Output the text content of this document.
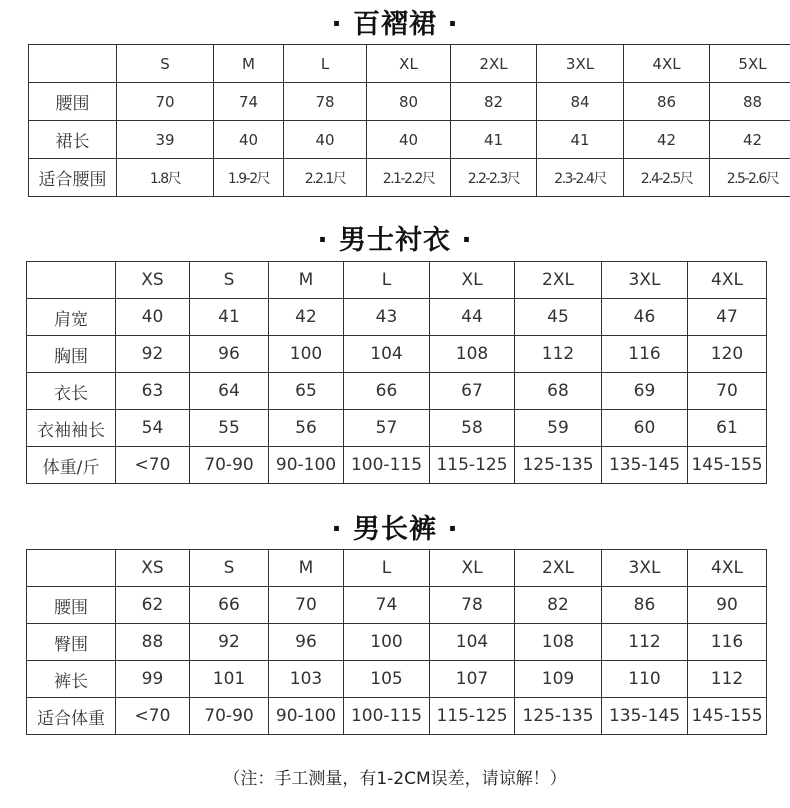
· 百褶裙 ·
	S	M	L	XL	2XL	3XL	4XL	5XL
腰围	70	74	78	80	82	84	86	88
裙长	39	40	40	40	41	41	42	42
适合腰围	1.8尺	1.9-2尺	2.2.1尺	2.1-2.2尺	2.2-2.3尺	2.3-2.4尺	2.4-2.5尺	2.5-2.6尺
· 男士衬衣 ·
	XS	S	M	L	XL	2XL	3XL	4XL
肩宽	40	41	42	43	44	45	46	47
胸围	92	96	100	104	108	112	116	120
衣长	63	64	65	66	67	68	69	70
衣袖袖长	54	55	56	57	58	59	60	61
体重/斤	<70	70-90	90-100	100-115	115-125	125-135	135-145	145-155
· 男长裤 ·
	XS	S	M	L	XL	2XL	3XL	4XL
腰围	62	66	70	74	78	82	86	90
臀围	88	92	96	100	104	108	112	116
裤长	99	101	103	105	107	109	110	112
适合体重	<70	70-90	90-100	100-115	115-125	125-135	135-145	145-155
（注：手工测量，有1-2CM误差，请谅解！）
